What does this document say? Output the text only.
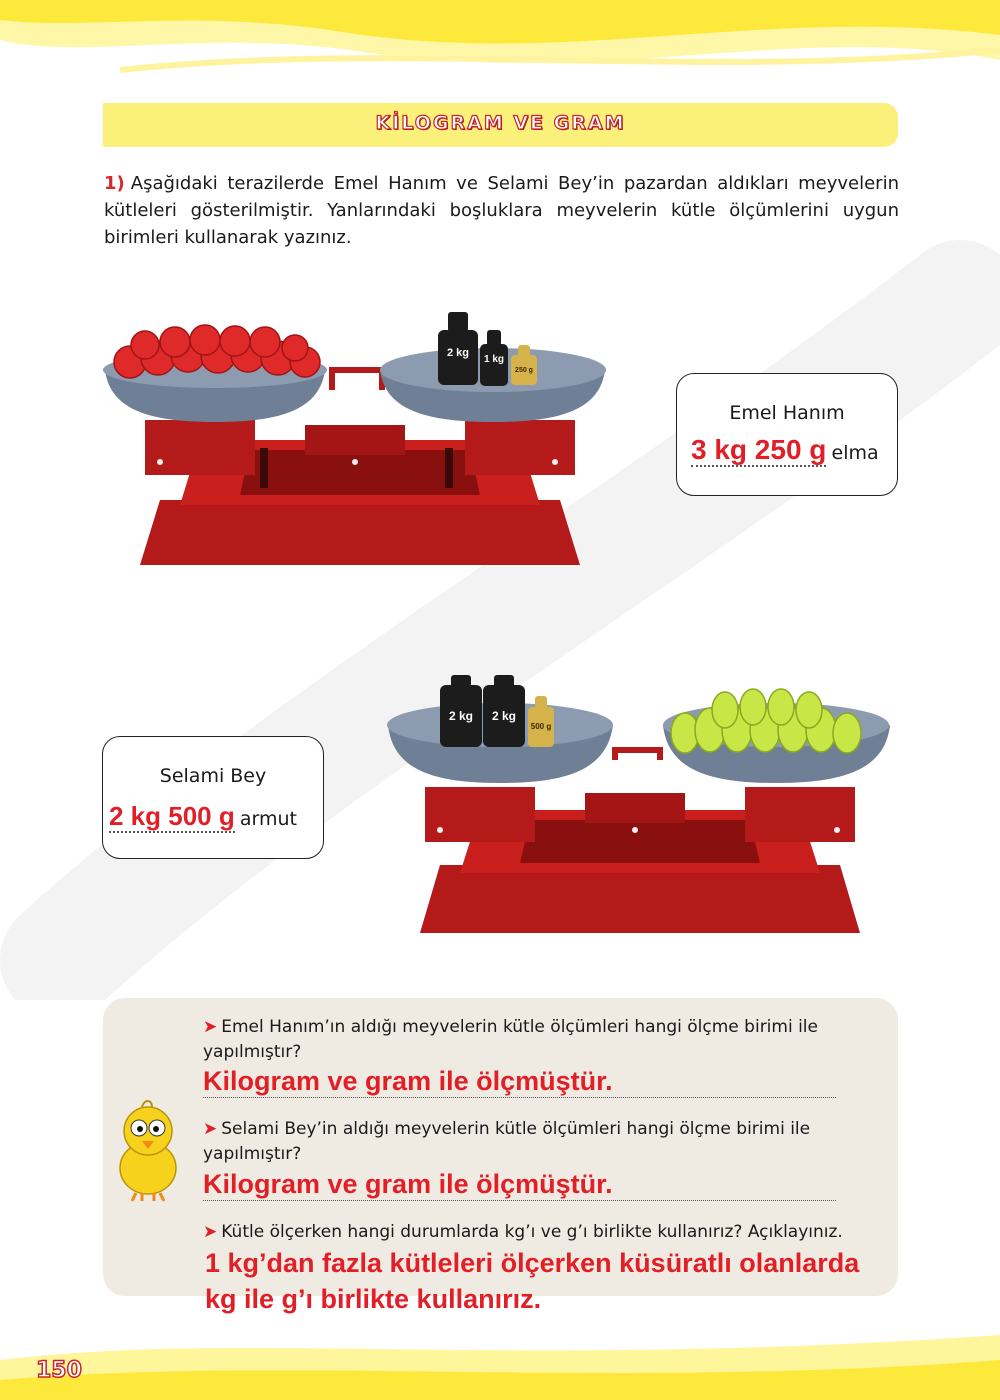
KİLOGRAM VE GRAM
1) Aşağıdaki terazilerde Emel Hanım ve Selami Bey’in pazardan aldıkları meyvelerin kütleleri gösterilmiştir. Yanlarındaki boşluklara meyvelerin kütle ölçümlerini uygun birimleri kullanarak yazınız.
2 kg
1 kg
250 g
Emel Hanım
3 kg 250 g elma
2 kg 2 kg
500 g
Selami Bey
2 kg 500 g armut
➤ Emel Hanım’ın aldığı meyvelerin kütle ölçümleri hangi ölçme birimi ile yapılmıştır?
Kilogram ve gram ile ölçmüştür.
➤ Selami Bey’in aldığı meyvelerin kütle ölçümleri hangi ölçme birimi ile yapılmıştır?
Kilogram ve gram ile ölçmüştür.
➤ Kütle ölçerken hangi durumlarda kg’ı ve g’ı birlikte kullanırız? Açıklayınız.
1 kg’dan fazla kütleleri ölçerken küsüratlı olanlarda
kg ile g’ı birlikte kullanırız.
150
